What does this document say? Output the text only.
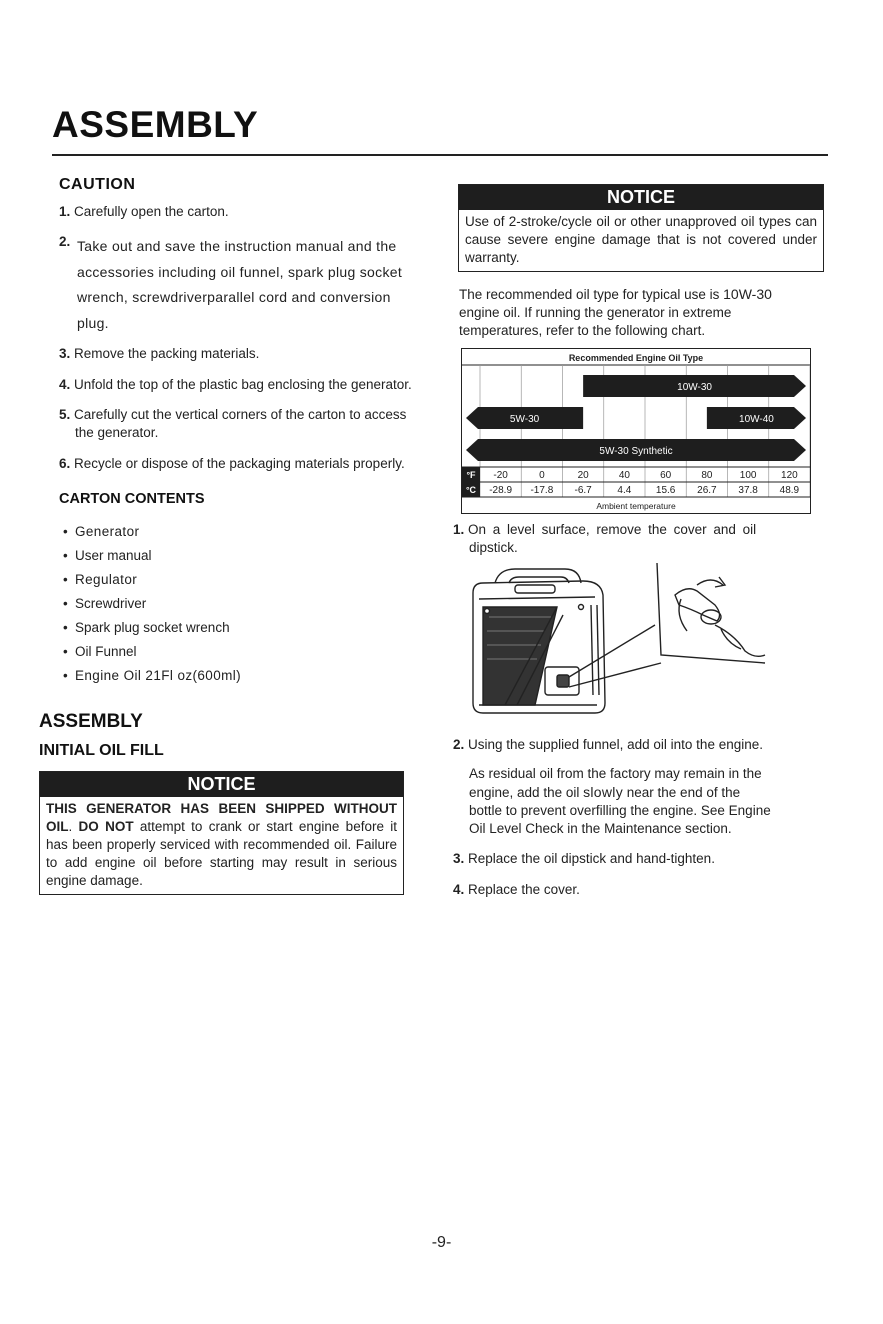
ASSEMBLY
CAUTION
1. Carefully open the carton.
2. Take out and save the instruction manual and the
accessories including oil funnel, spark plug socket
wrench, screwdriverparallel cord and conversion
plug.
3. Remove the packing materials.
4. Unfold the top of the plastic bag enclosing the generator.
5. Carefully cut the vertical corners of the carton to access
the generator.
6. Recycle or dispose of the packaging materials properly.
CARTON CONTENTS
• Generator
• User manual
• Regulator
• Screwdriver
• Spark plug socket wrench
• Oil Funnel
• Engine Oil 21Fl oz(600ml)
ASSEMBLY
INITIAL OIL FILL
NOTICE
THIS GENERATOR HAS BEEN SHIPPED WITHOUT OIL. DO NOT attempt to crank or start engine before it has been properly serviced with recommended oil. Failure to add engine oil before starting may result in serious engine damage.
NOTICE
Use of 2-stroke/cycle oil or other unapproved oil types can cause severe engine damage that is not covered under warranty.
The recommended oil type for typical use is 10W-30
engine oil. If running the generator in extreme
temperatures, refer to the following chart.
Recommended Engine Oil Type
10W-30
5W-30	10W-40
5W-30 Synthetic
°F
°C
-20
-28.9
0
-17.8
20
-6.7
40
4.4
60
15.6
80
26.7
100
37.8
120
48.9
Ambient temperature
1. On a level surface, remove the cover and oil
dipstick.
2. Using the supplied funnel, add oil into the engine.
As residual oil from the factory may remain in the
engine, add the oil slowly near the end of the
bottle to prevent overfilling the engine. See Engine
Oil Level Check in the Maintenance section.
3. Replace the oil dipstick and hand-tighten.
4. Replace the cover.
-9-
